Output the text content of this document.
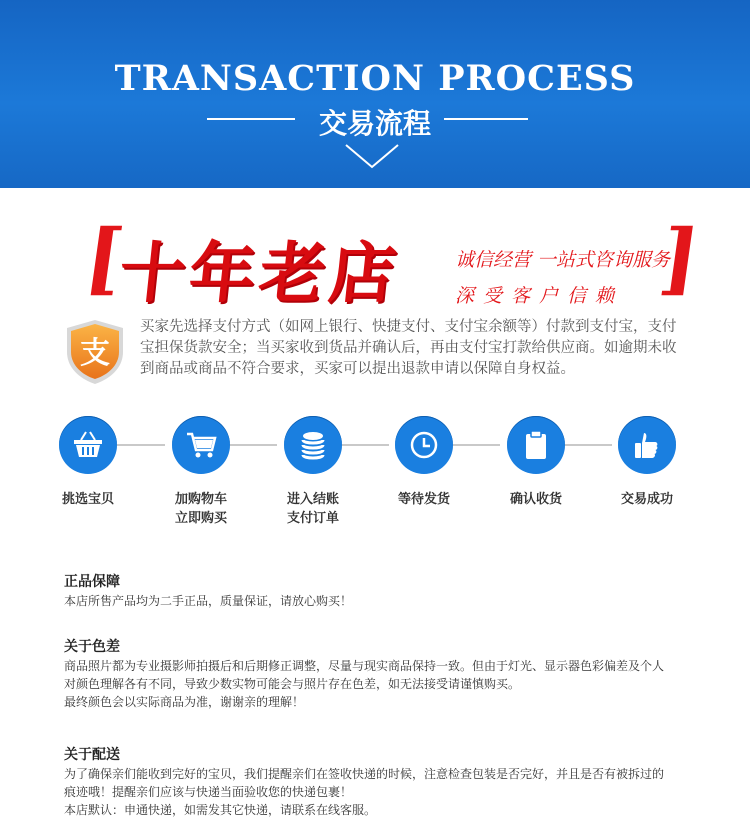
TRANSACTION PROCESS
交易流程
[
十年老店	诚信经营 一站式咨询服务
深受客户信赖 ]
支
买家先选择支付方式（如网上银行、快捷支付、支付宝余额等）付款到支付宝，支付宝担保货款安全；当买家收到货品并确认后，再由支付宝打款给供应商。如逾期未收到商品或商品不符合要求，买家可以提出退款申请以保障自身权益。
挑选宝贝	加购物车
立即购买
进入结账
支付订单
等待发货	确认收货	交易成功
正品保障
本店所售产品均为二手正品，质量保证，请放心购买！
关于色差
商品照片都为专业摄影师拍摄后和后期修正调整，尽量与现实商品保持一致。但由于灯光、显示器色彩偏差及个人
对颜色理解各有不同，导致少数实物可能会与照片存在色差，如无法接受请谨慎购买。
最终颜色会以实际商品为准，谢谢亲的理解！
关于配送
为了确保亲们能收到完好的宝贝，我们提醒亲们在签收快递的时候，注意检查包装是否完好，并且是否有被拆过的
痕迹哦！提醒亲们应该与快递当面验收您的快递包裹！
本店默认：申通快递，如需发其它快递，请联系在线客服。
